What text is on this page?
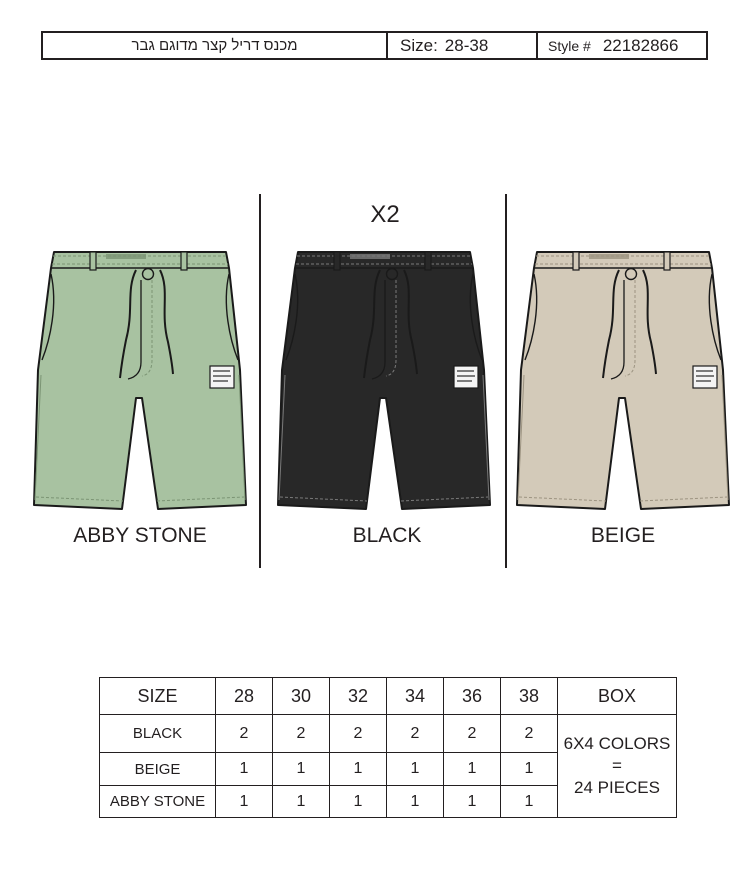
מכנס דריל קצר מדוגם גבר	Size: 28-38	Style # 22182866
X2
ABBY STONE	BLACK	BEIGE
SIZE	28	30	32	34	36	38	BOX
BLACK	2	2	2	2	2	2	6X4 COLORS =
24 PIECES
BEIGE	1	1	1	1	1	1	
ABBY STONE	1	1	1	1	1	1	
